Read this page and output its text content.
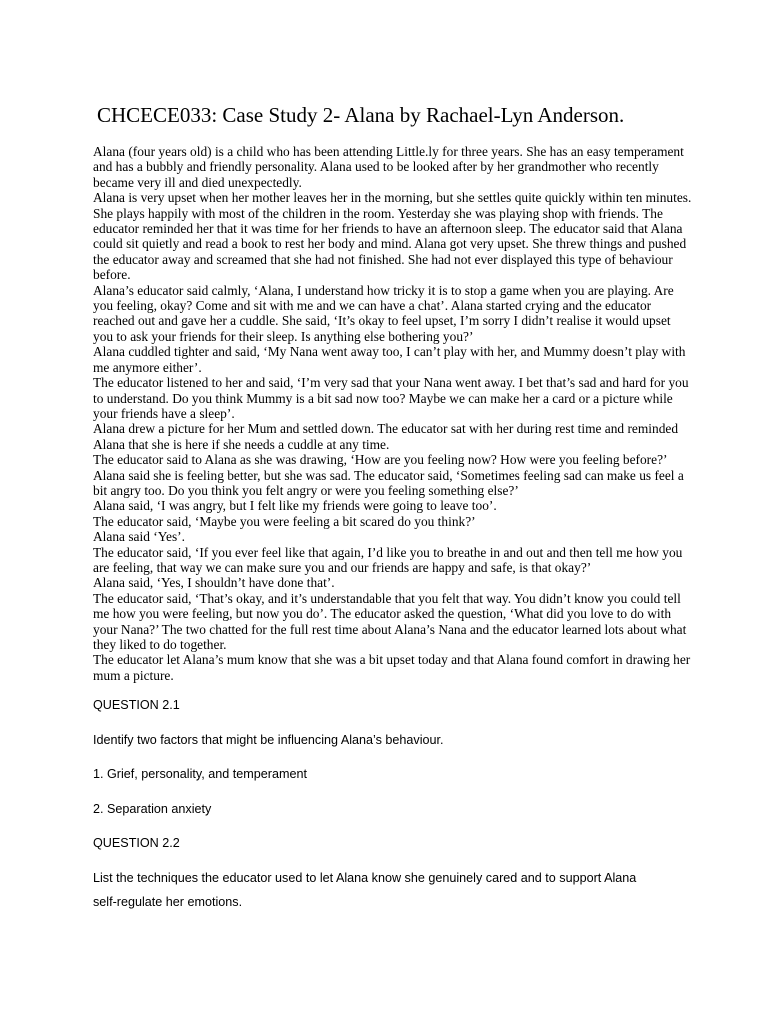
CHCECE033: Case Study 2- Alana by Rachael-Lyn Anderson.

Alana (four years old) is a child who has been attending Little.ly for three years. She has an easy temperament and has a bubbly and friendly personality. Alana used to be looked after by her grandmother who recently became very ill and died unexpectedly.

Alana is very upset when her mother leaves her in the morning, but she settles quite quickly within ten minutes. She plays happily with most of the children in the room. Yesterday she was playing shop with friends. The educator reminded her that it was time for her friends to have an afternoon sleep. The educator said that Alana could sit quietly and read a book to rest her body and mind. Alana got very upset. She threw things and pushed the educator away and screamed that she had not finished. She had not ever displayed this type of behaviour before.

Alana’s educator said calmly, ‘Alana, I understand how tricky it is to stop a game when you are playing. Are you feeling, okay? Come and sit with me and we can have a chat’. Alana started crying and the educator reached out and gave her a cuddle. She said, ‘It’s okay to feel upset, I’m sorry I didn’t realise it would upset you to ask your friends for their sleep. Is anything else bothering you?’

Alana cuddled tighter and said, ‘My Nana went away too, I can’t play with her, and Mummy doesn’t play with me anymore either’.

The educator listened to her and said, ‘I’m very sad that your Nana went away. I bet that’s sad and hard for you to understand. Do you think Mummy is a bit sad now too? Maybe we can make her a card or a picture while your friends have a sleep’.

Alana drew a picture for her Mum and settled down. The educator sat with her during rest time and reminded Alana that she is here if she needs a cuddle at any time.

The educator said to Alana as she was drawing, ‘How are you feeling now? How were you feeling before?’ Alana said she is feeling better, but she was sad. The educator said, ‘Sometimes feeling sad can make us feel a bit angry too. Do you think you felt angry or were you feeling something else?’

Alana said, ‘I was angry, but I felt like my friends were going to leave too’.

The educator said, ‘Maybe you were feeling a bit scared do you think?’

Alana said ‘Yes’.

The educator said, ‘If you ever feel like that again, I’d like you to breathe in and out and then tell me how you are feeling, that way we can make sure you and our friends are happy and safe, is that okay?’

Alana said, ‘Yes, I shouldn’t have done that’.

The educator said, ‘That’s okay, and it’s understandable that you felt that way. You didn’t know you could tell me how you were feeling, but now you do’. The educator asked the question, ‘What did you love to do with your Nana?’ The two chatted for the full rest time about Alana’s Nana and the educator learned lots about what they liked to do together.

The educator let Alana’s mum know that she was a bit upset today and that Alana found comfort in drawing her mum a picture.

QUESTION 2.1

Identify two factors that might be influencing Alana’s behaviour.

1. Grief, personality, and temperament

2. Separation anxiety

QUESTION 2.2

List the techniques the educator used to let Alana know she genuinely cared and to support Alana

self-regulate her emotions.
